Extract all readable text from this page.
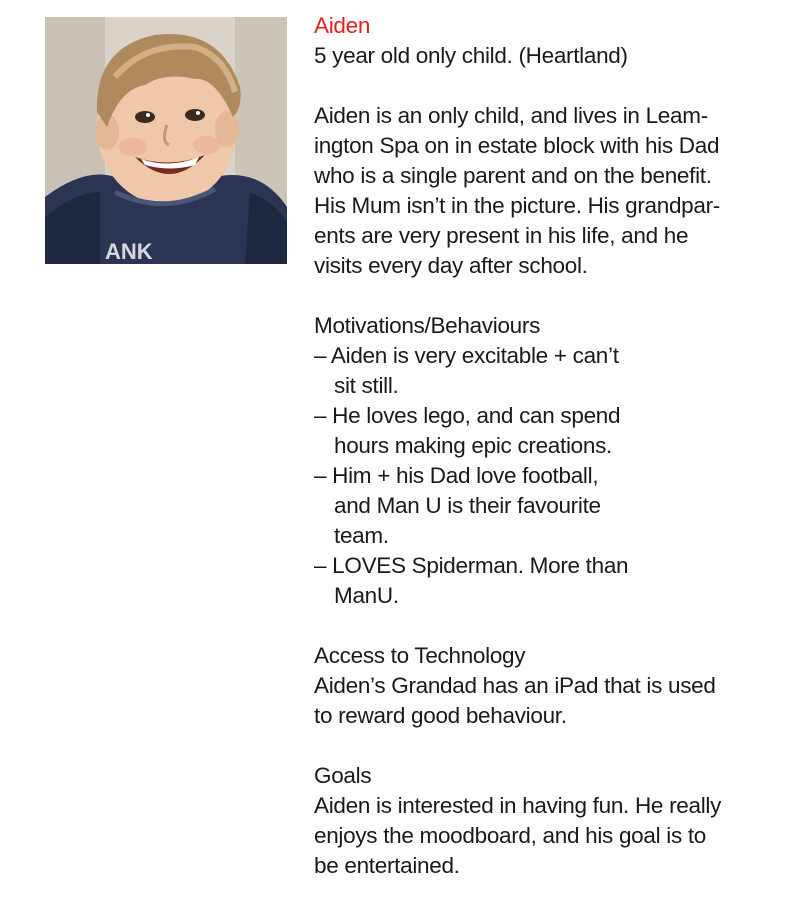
ANK

Aiden

5 year old only child. (Heartland)

Aiden is an only child, and lives in Leam-

ington Spa on in estate block with his Dad

who is a single parent and on the benefit.

His Mum isn’t in the picture. His grandpar-

ents are very present in his life, and he

visits every day after school.

Motivations/Behaviours

– Aiden is very excitable + can’t

sit still.

– He loves lego, and can spend

hours making epic creations.

– Him + his Dad love football,

and Man U is their favourite

team.

– LOVES Spiderman. More than

ManU.

Access to Technology

Aiden’s Grandad has an iPad that is used

to reward good behaviour.

Goals

Aiden is interested in having fun. He really

enjoys the moodboard, and his goal is to

be entertained.
